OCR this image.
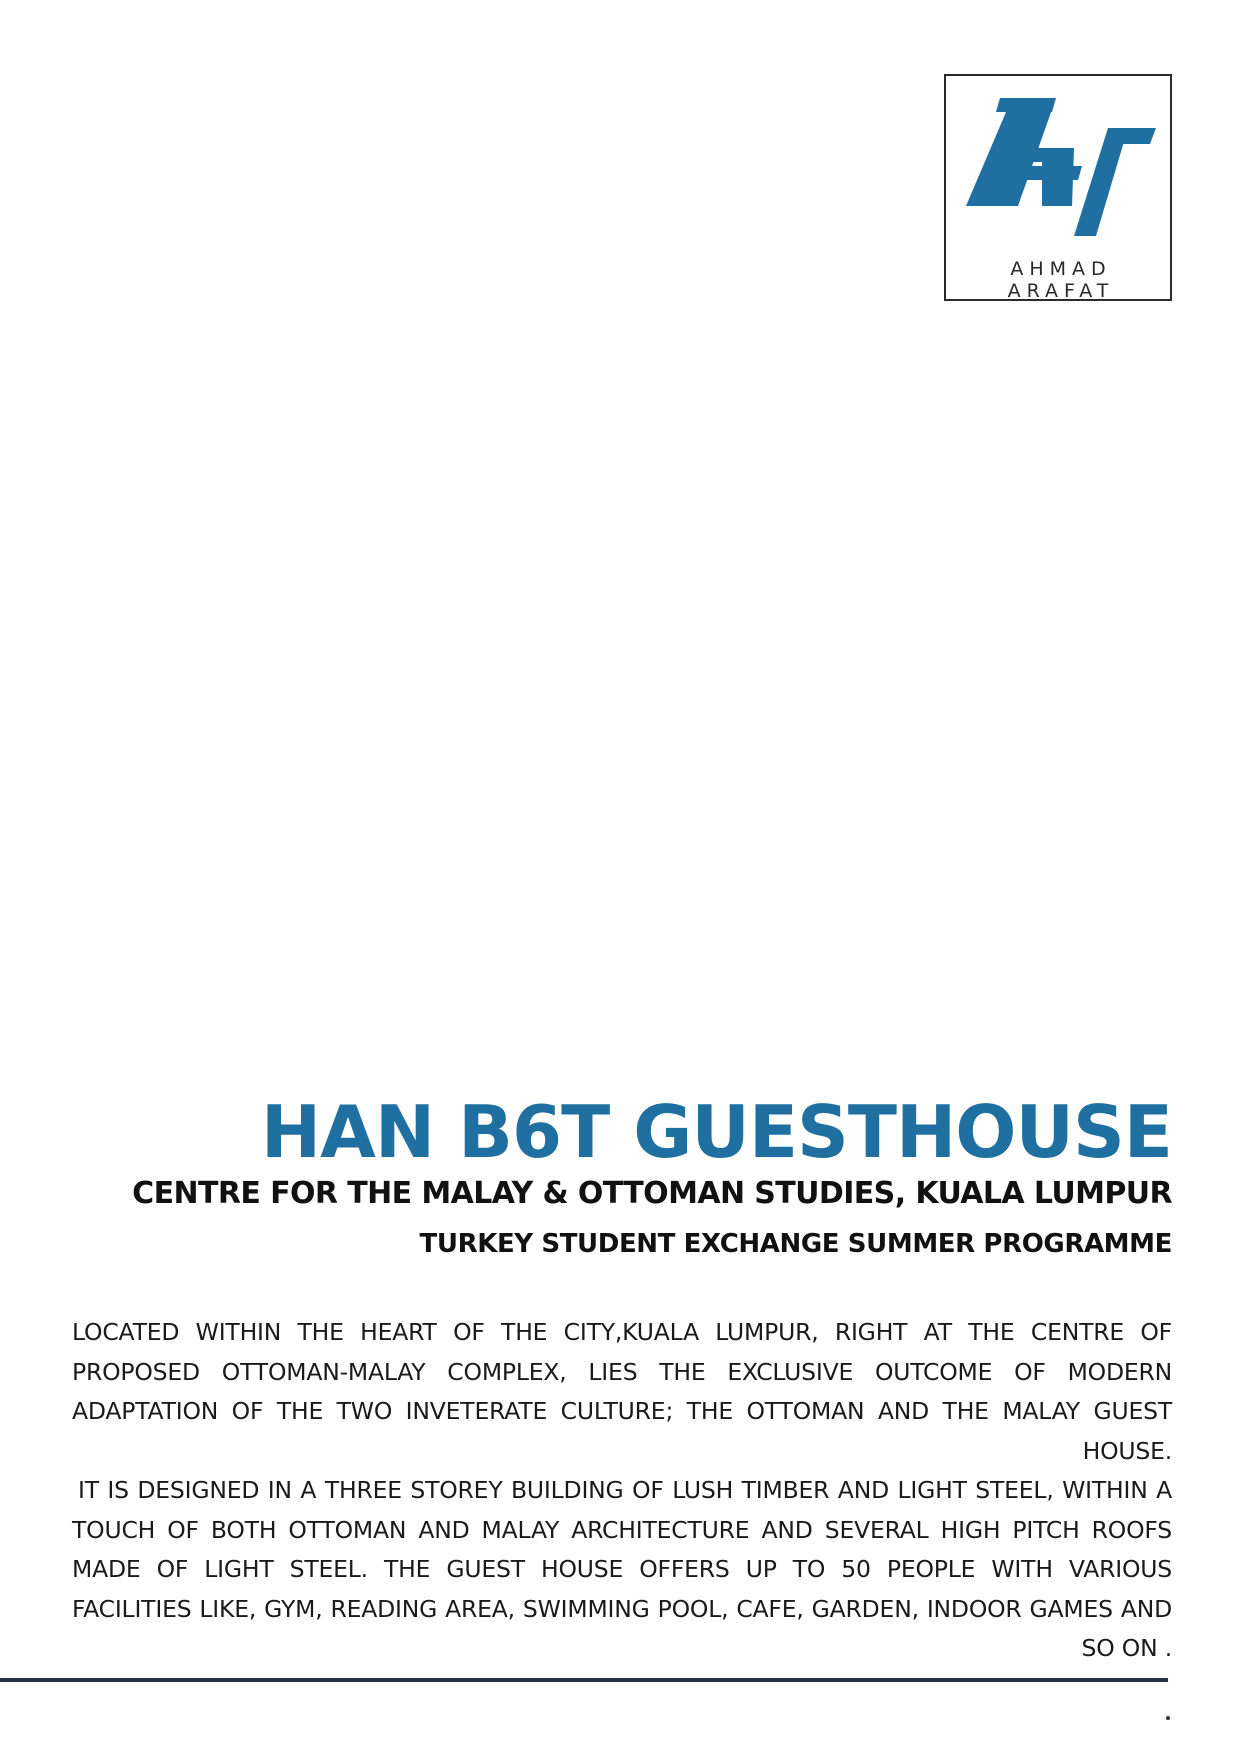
AHMAD ARAFAT
HAN B6T GUESTHOUSE
CENTRE FOR THE MALAY & OTTOMAN STUDIES, KUALA LUMPUR
TURKEY STUDENT EXCHANGE SUMMER PROGRAMME

LOCATED WITHIN THE HEART OF THE CITY,KUALA LUMPUR, RIGHT AT THE CENTRE OF PROPOSED OTTOMAN-MALAY COMPLEX, LIES THE EXCLUSIVE OUTCOME OF MODERN ADAPTATION OF THE TWO INVETERATE CULTURE; THE OTTOMAN AND THE MALAY GUEST HOUSE.

IT IS DESIGNED IN A THREE STOREY BUILDING OF LUSH TIMBER AND LIGHT STEEL, WITHIN A TOUCH OF BOTH OTTOMAN AND MALAY ARCHITECTURE AND SEVERAL HIGH PITCH ROOFS MADE OF LIGHT STEEL. THE GUEST HOUSE OFFERS UP TO 50 PEOPLE WITH VARIOUS FACILITIES LIKE, GYM, READING AREA, SWIMMING POOL, CAFE, GARDEN, INDOOR GAMES AND SO ON .
